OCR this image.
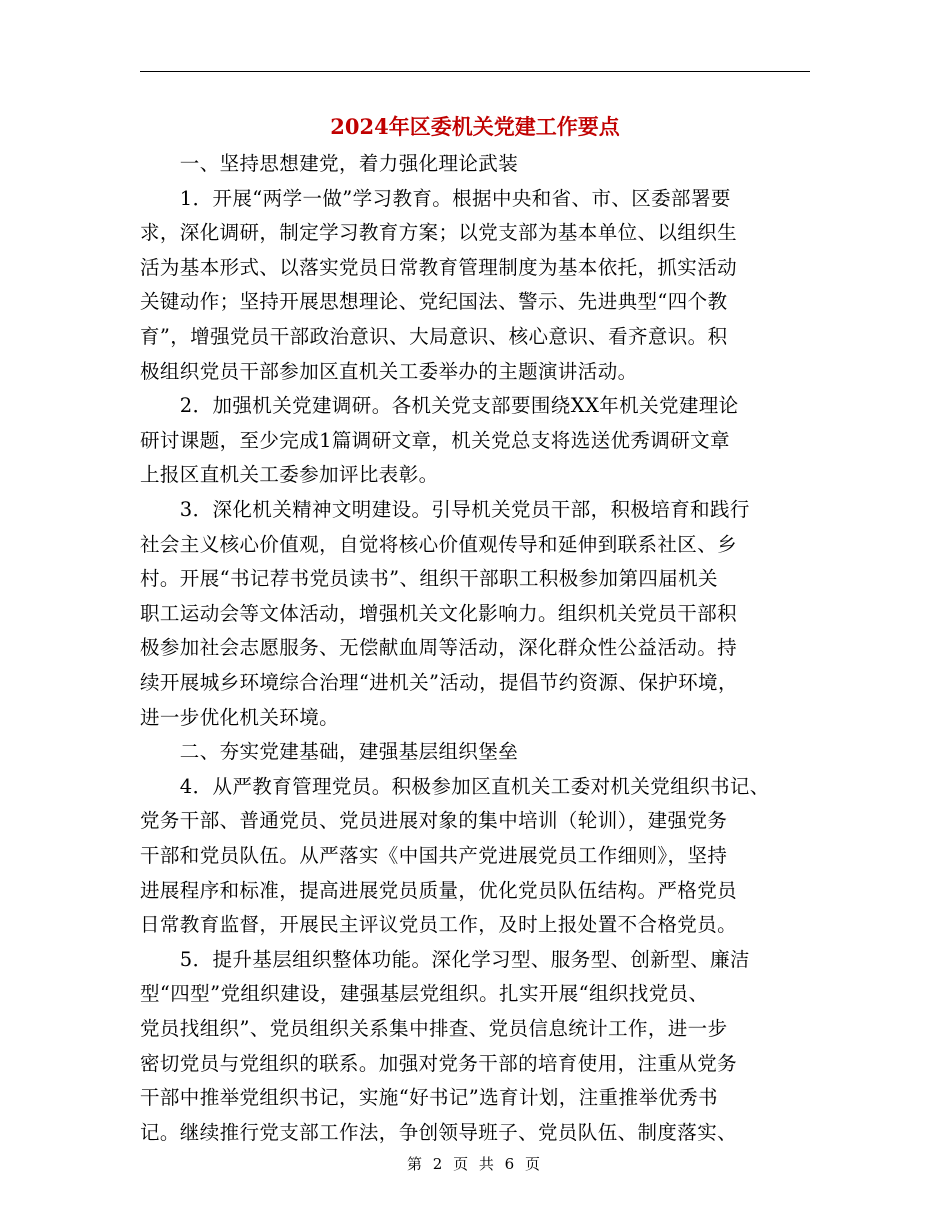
2024年区委机关党建工作要点
　　一、坚持思想建党，着力强化理论武装
　　1．开展“两学一做”学习教育。根据中央和省、市、区委部署要
求，深化调研，制定学习教育方案；以党支部为基本单位、以组织生
活为基本形式、以落实党员日常教育管理制度为基本依托，抓实活动
关键动作；坚持开展思想理论、党纪国法、警示、先进典型“四个教
育”，增强党员干部政治意识、大局意识、核心意识、看齐意识。积
极组织党员干部参加区直机关工委举办的主题演讲活动。
　　2．加强机关党建调研。各机关党支部要围绕XX年机关党建理论
研讨课题，至少完成1篇调研文章，机关党总支将选送优秀调研文章
上报区直机关工委参加评比表彰。
　　3．深化机关精神文明建设。引导机关党员干部，积极培育和践行
社会主义核心价值观，自觉将核心价值观传导和延伸到联系社区、乡
村。开展“书记荐书党员读书”、组织干部职工积极参加第四届机关
职工运动会等文体活动，增强机关文化影响力。组织机关党员干部积
极参加社会志愿服务、无偿献血周等活动，深化群众性公益活动。持
续开展城乡环境综合治理“进机关”活动，提倡节约资源、保护环境，
进一步优化机关环境。
　　二、夯实党建基础，建强基层组织堡垒
　　4．从严教育管理党员。积极参加区直机关工委对机关党组织书记、
党务干部、普通党员、党员进展对象的集中培训（轮训），建强党务
干部和党员队伍。从严落实《中国共产党进展党员工作细则》，坚持
进展程序和标准，提高进展党员质量，优化党员队伍结构。严格党员
日常教育监督，开展民主评议党员工作，及时上报处置不合格党员。
　　5．提升基层组织整体功能。深化学习型、服务型、创新型、廉洁
型“四型”党组织建设，建强基层党组织。扎实开展“组织找党员、
党员找组织”、党员组织关系集中排查、党员信息统计工作，进一步
密切党员与党组织的联系。加强对党务干部的培育使用，注重从党务
干部中推举党组织书记，实施“好书记”选育计划，注重推举优秀书
记。继续推行党支部工作法，争创领导班子、党员队伍、制度落实、
第 2 页 共 6 页
